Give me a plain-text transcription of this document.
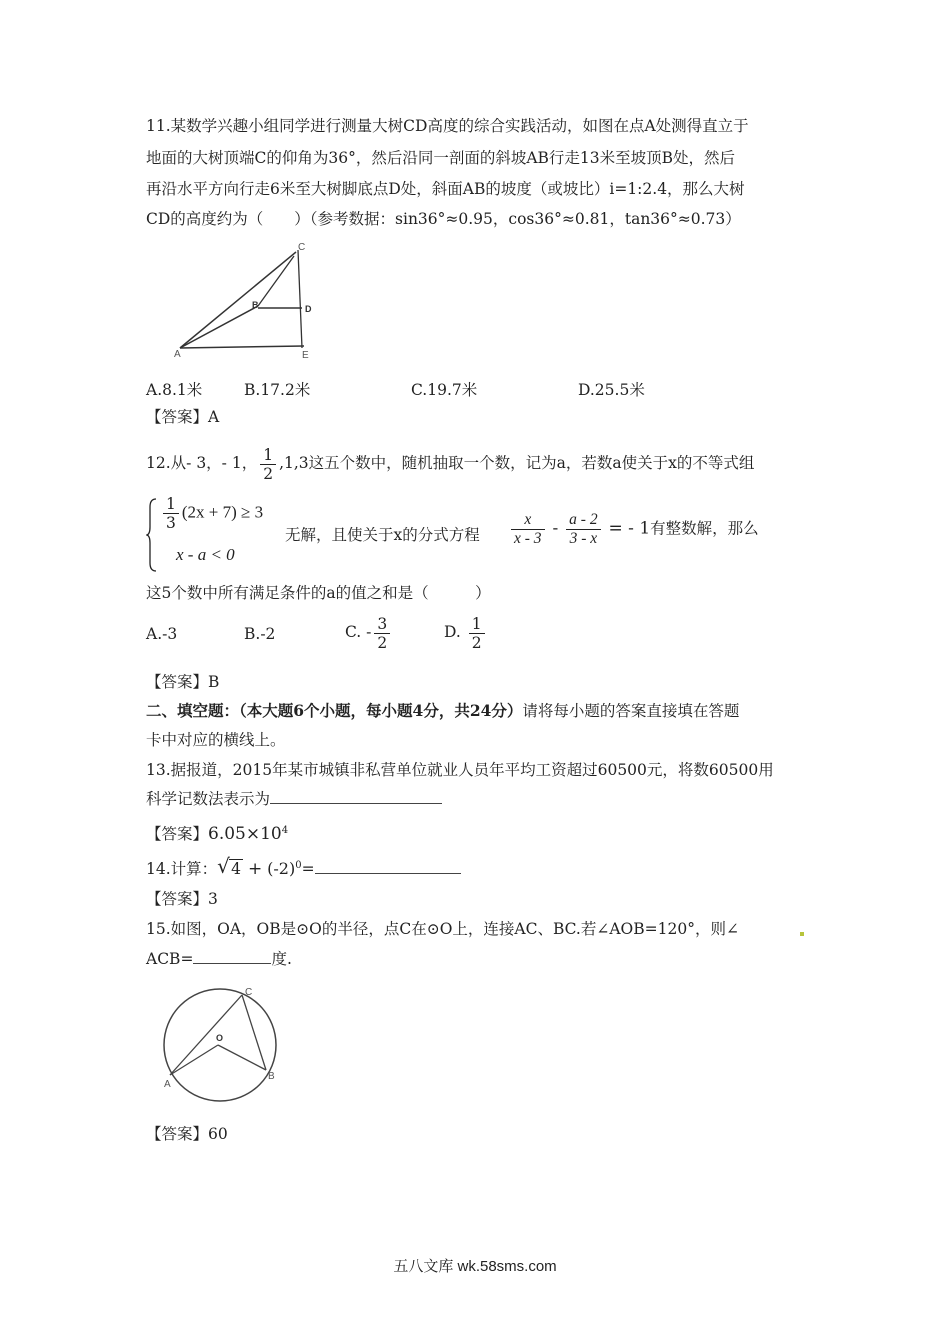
11.某数学兴趣小组同学进行测量大树CD高度的综合实践活动，如图在点A处测得直立于
地面的大树顶端C的仰角为36°，然后沿同一剖面的斜坡AB行走13米至坡顶B处，然后
再沿水平方向行走6米至大树脚底点D处，斜面AB的坡度（或坡比）i=1:2.4，那么大树
CD的高度约为（　　）（参考数据：sin36°≈0.95，cos36°≈0.81，tan36°≈0.73）
C
B	D
A	E
A.8.1米	B.17.2米	C.19.7米	D.25.5米
【答案】A
12.从- 3，- 1， $\frac{1}{2} ,1,3$这五个数中，随机抽取一个数，记为a，若数a使关于x的不等式组
$\frac{1}{3} (2x + 7) \ge 3$
x - a < 0
无解，且使关于x的分式方程 $\frac{x}{x - 3} - \frac{a - 2}{3 - x}$ = - 1有整数解，那么
这5个数中所有满足条件的a的值之和是（　　　）
A.-3	B.-2	C. - $\frac{3}{2}$	D. $\frac{1}{2}$
【答案】B
二、填空题：（本大题6个小题，每小题4分，共24分）请将每小题的答案直接填在答题
卡中对应的横线上。
13.据报道，2015年某市城镇非私营单位就业人员年平均工资超过60500元，将数60500用
科学记数法表示为
【答案】$6.05\times 10^4$
14.计算： √ $4 + (-2)^0=$
【答案】3
15.如图，OA，OB是⊙O的半径，点C在⊙O上，连接AC、BC.若∠AOB=120°，则∠
ACB=	度.
C
O
A
B
【答案】60
五八文库 wk.58sms.com
